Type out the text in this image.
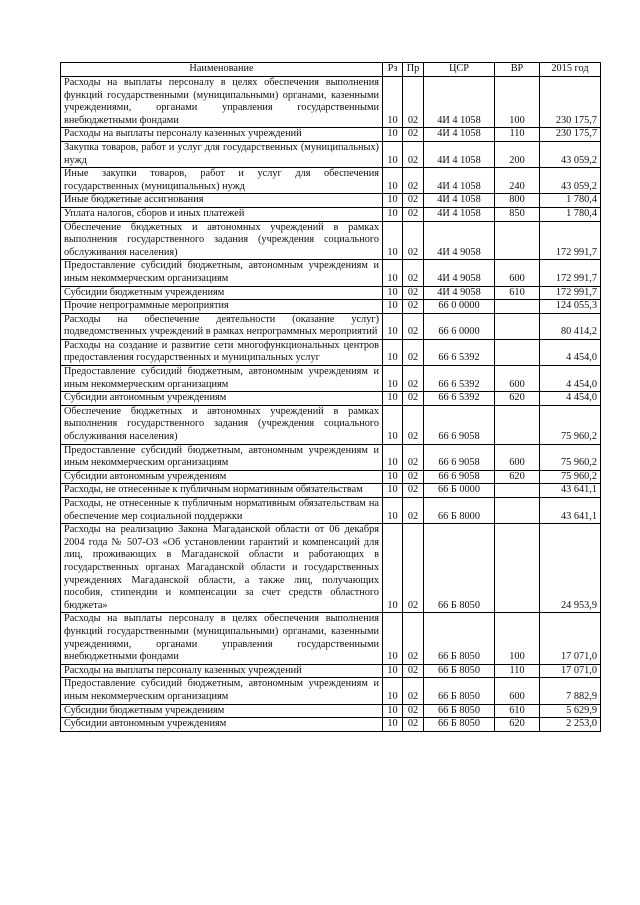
Наименование	Рз	Пр	ЦСР	ВР	2015 год
Расходы на выплаты персоналу в целях обеспечения выполнения функций государственными (муниципальными) органами, казенными учреждениями, органами управления государственными внебюджетными фондами	10	02	4И 4 1058	100	230 175,7
Расходы на выплаты персоналу казенных учреждений	10	02	4И 4 1058	110	230 175,7
Закупка товаров, работ и услуг для государственных (муниципальных) нужд	10	02	4И 4 1058	200	43 059,2
Иные закупки товаров, работ и услуг для обеспечения государственных (муниципальных) нужд	10	02	4И 4 1058	240	43 059,2
Иные бюджетные ассигнования	10	02	4И 4 1058	800	1 780,4
Уплата налогов, сборов и иных платежей	10	02	4И 4 1058	850	1 780,4
Обеспечение бюджетных и автономных учреждений в рамках выполнения государственного задания (учреждения социального обслуживания населения)	10	02	4И 4 9058		172 991,7
Предоставление субсидий бюджетным, автономным учреждениям и иным некоммерческим организациям	10	02	4И 4 9058	600	172 991,7
Субсидии бюджетным учреждениям	10	02	4И 4 9058	610	172 991,7
Прочие непрограммные мероприятия	10	02	66 0 0000		124 055,3
Расходы на обеспечение деятельности (оказание услуг) подведомственных учреждений в рамках непрограммных мероприятий	10	02	66 6 0000		80 414,2
Расходы на создание и развитие сети многофункциональных центров предоставления государственных и муниципальных услуг	10	02	66 6 5392		4 454,0
Предоставление субсидий бюджетным, автономным учреждениям и иным некоммерческим организациям	10	02	66 6 5392	600	4 454,0
Субсидии автономным учреждениям	10	02	66 6 5392	620	4 454,0
Обеспечение бюджетных и автономных учреждений в рамках выполнения государственного задания (учреждения социального обслуживания населения)	10	02	66 6 9058		75 960,2
Предоставление субсидий бюджетным, автономным учреждениям и иным некоммерческим организациям	10	02	66 6 9058	600	75 960,2
Субсидии автономным учреждениям	10	02	66 6 9058	620	75 960,2
Расходы, не отнесенные к публичным нормативным обязательствам	10	02	66 Б 0000		43 641,1
Расходы, не отнесенные к публичным нормативным обязательствам на обеспечение мер социальной поддержки	10	02	66 Б 8000		43 641,1
Расходы на реализацию Закона Магаданской области от 06 декабря 2004 года № 507-ОЗ «Об установлении гарантий и компенсаций для лиц, проживающих в Магаданской области и работающих в государственных органах Магаданской области и государственных учреждениях Магаданской области, а также лиц, получающих пособия, стипендии и компенсации за счет средств областного бюджета»	10	02	66 Б 8050		24 953,9
Расходы на выплаты персоналу в целях обеспечения выполнения функций государственными (муниципальными) органами, казенными учреждениями, органами управления государственными внебюджетными фондами	10	02	66 Б 8050	100	17 071,0
Расходы на выплаты персоналу казенных учреждений	10	02	66 Б 8050	110	17 071,0
Предоставление субсидий бюджетным, автономным учреждениям и иным некоммерческим организациям	10	02	66 Б 8050	600	7 882,9
Субсидии бюджетным учреждениям	10	02	66 Б 8050	610	5 629,9
Субсидии автономным учреждениям	10	02	66 Б 8050	620	2 253,0
